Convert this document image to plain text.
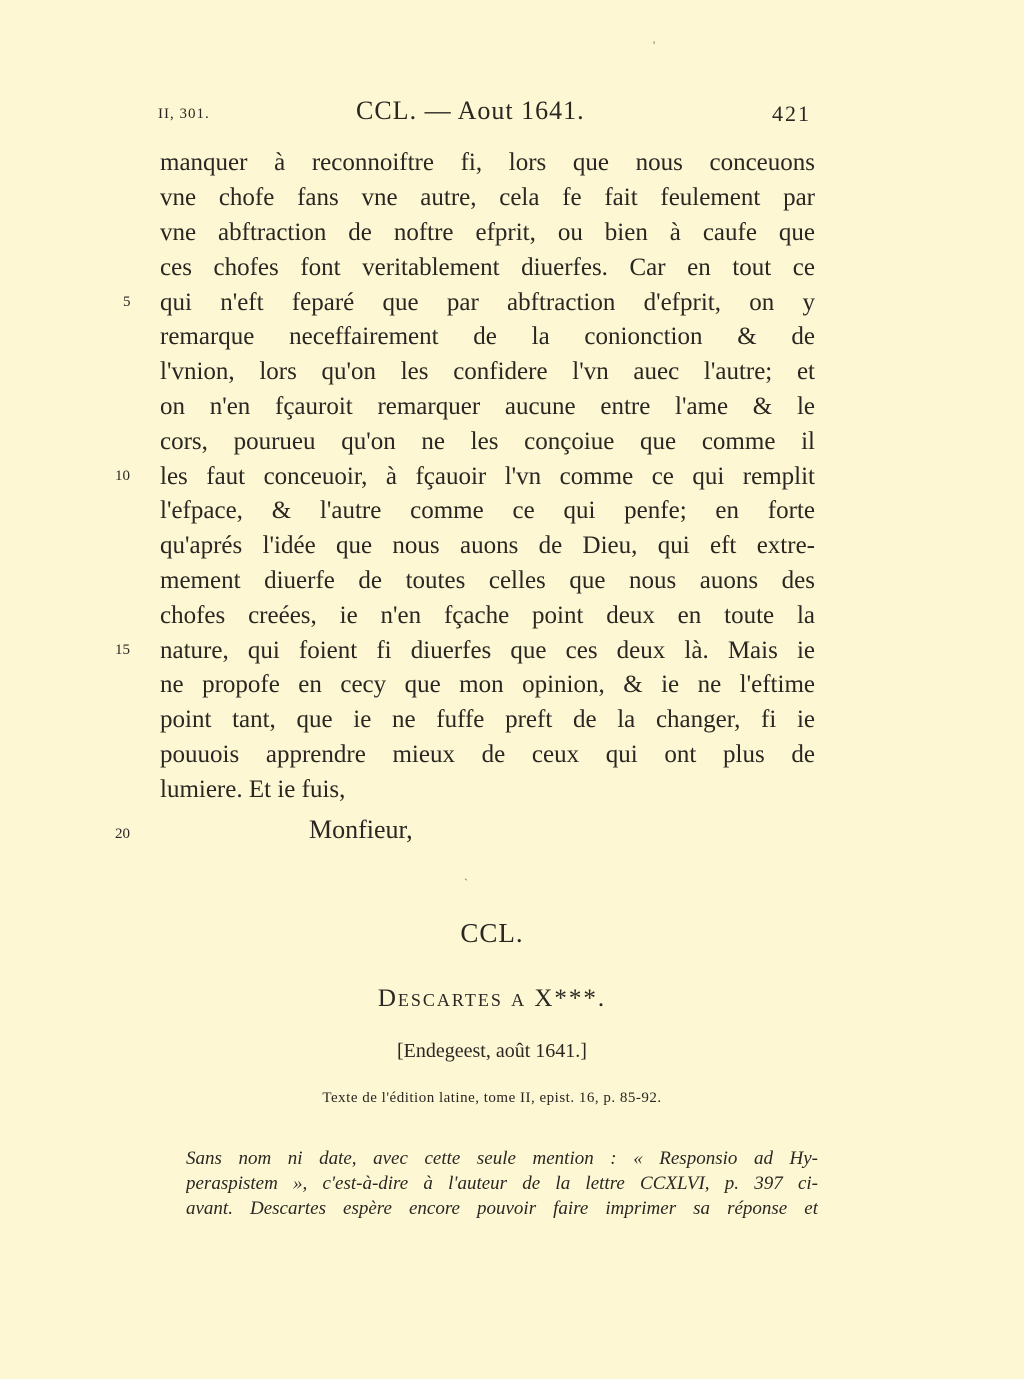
II, 301.	CCL. — Aout 1641.	421
'
manquer à reconnoiftre fi, lors que nous conceuons
vne chofe fans vne autre, cela fe fait feulement par
vne abftraction de noftre efprit, ou bien à caufe que
ces chofes font veritablement diuerfes. Car en tout ce
qui n'eft feparé que par abftraction d'efprit, on y
remarque neceffairement de la conionction & de
l'vnion, lors qu'on les confidere l'vn auec l'autre; et
on n'en fçauroit remarquer aucune entre l'ame & le
cors, pourueu qu'on ne les conçoiue que comme il
les faut conceuoir, à fçauoir l'vn comme ce qui remplit
l'efpace, & l'autre comme ce qui penfe; en forte
qu'aprés l'idée que nous auons de Dieu, qui eft extre-
mement diuerfe de toutes celles que nous auons des
chofes creées, ie n'en fçache point deux en toute la
nature, qui foient fi diuerfes que ces deux là. Mais ie
ne propofe en cecy que mon opinion, & ie ne l'eftime
point tant, que ie ne fuffe preft de la changer, fi ie
pouuois apprendre mieux de ceux qui ont plus de
lumiere. Et ie fuis,
5
10
15
20	Monfieur,
`
CCL.
Descartes a X***.
[Endegeest, août 1641.]
Texte de l'édition latine, tome II, epist. 16, p. 85-92.
Sans nom ni date, avec cette seule mention : « Responsio ad Hy-
peraspistem », c'est-à-dire à l'auteur de la lettre CCXLVI, p. 397 ci-
avant. Descartes espère encore pouvoir faire imprimer sa réponse et
